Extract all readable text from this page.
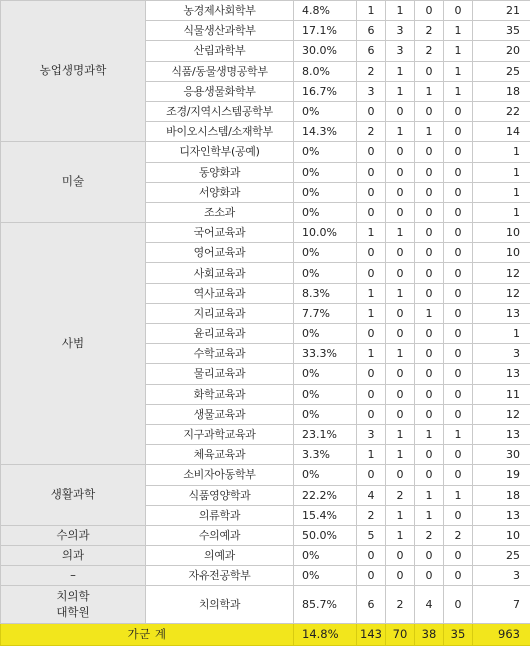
농업생명과학	농경제사회학부	4.8%	1	1	0	0	21
	식물생산과학부	17.1%	6	3	2	1	35
	산림과학부	30.0%	6	3	2	1	20
	식품/동물생명공학부	8.0%	2	1	0	1	25
	응용생물화학부	16.7%	3	1	1	1	18
	조경/지역시스템공학부	0%	0	0	0	0	22
	바이오시스템/소재학부	14.3%	2	1	1	0	14
미술	디자인학부(공예)	0%	0	0	0	0	1
	동양화과	0%	0	0	0	0	1
	서양화과	0%	0	0	0	0	1
	조소과	0%	0	0	0	0	1
사범	국어교육과	10.0%	1	1	0	0	10
	영어교육과	0%	0	0	0	0	10
	사회교육과	0%	0	0	0	0	12
	역사교육과	8.3%	1	1	0	0	12
	지리교육과	7.7%	1	0	1	0	13
	윤리교육과	0%	0	0	0	0	1
	수학교육과	33.3%	1	1	0	0	3
	물리교육과	0%	0	0	0	0	13
	화학교육과	0%	0	0	0	0	11
	생물교육과	0%	0	0	0	0	12
	지구과학교육과	23.1%	3	1	1	1	13
	체육교육과	3.3%	1	1	0	0	30
생활과학	소비자아동학부	0%	0	0	0	0	19
	식품영양학과	22.2%	4	2	1	1	18
	의류학과	15.4%	2	1	1	0	13
수의과	수의예과	50.0%	5	1	2	2	10
의과	의예과	0%	0	0	0	0	25
–	자유전공학부	0%	0	0	0	0	3
치의학
대학원	치의학과	85.7%	6	2	4	0	7
가군 계		14.8%	143	70	38	35	963
